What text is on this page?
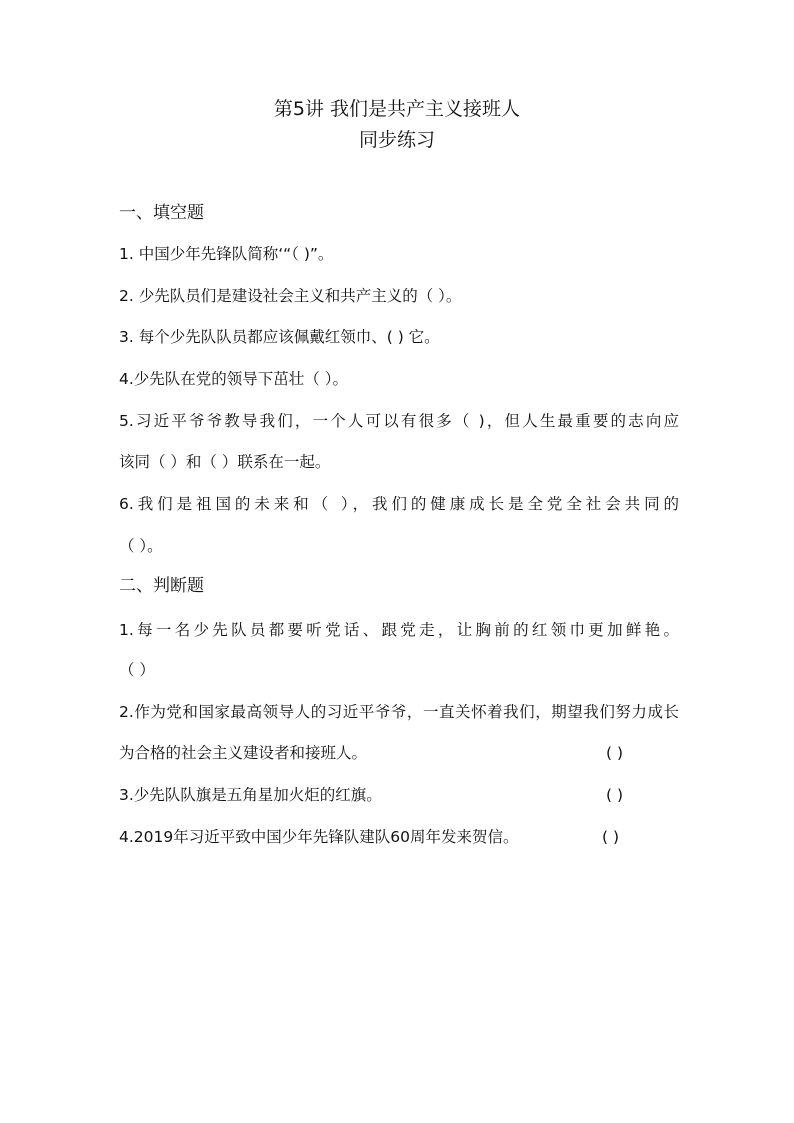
第5讲 我们是共产主义接班人
同步练习
一、填空题
1. 中国少年先锋队简称‘“（ )”。
2. 少先队员们是建设社会主义和共产主义的（ ）。
3. 每个少先队队员都应该佩戴红领巾、( ) 它。
4.少先队在党的领导下茁壮（ ）。
5.习近平爷爷教导我们，一个人可以有很多（ )，但人生最重要的志向应
该同（ ）和（ ）联系在一起。
6.我们是祖国的未来和（ ），我们的健康成长是全党全社会共同的
（ ）。
二、判断题
1.每一名少先队员都要听党话、跟党走，让胸前的红领巾更加鲜艳。
（ ）
2.作为党和国家最高领导人的习近平爷爷，一直关怀着我们，期望我们努力成长
为合格的社会主义建设者和接班人。	( )
3.少先队队旗是五角星加火炬的红旗。	( )
4.2019年习近平致中国少年先锋队建队60周年发来贺信。	( )
